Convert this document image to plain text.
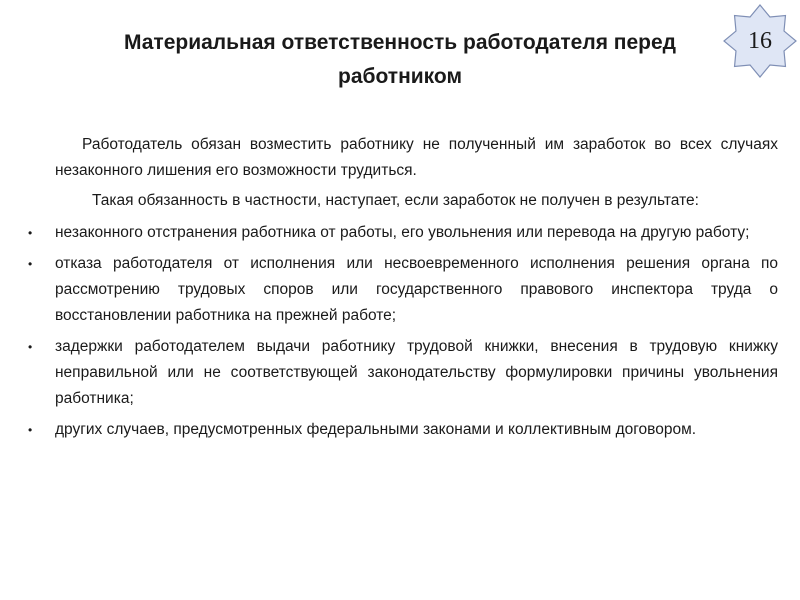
Материальная ответственность работодателя перед
работником
16

Работодатель обязан возместить работнику не полученный им заработок во всех случаях незаконного лишения его возможности трудиться.

Такая обязанность в частности, наступает, если заработок не получен в результате:

• незаконного отстранения работника от работы, его увольнения или перевода на другую работу;
• отказа работодателя от исполнения или несвоевременного исполнения решения органа по рассмотрению трудовых споров или государственного правового инспектора труда о восстановлении работника на прежней работе;
• задержки работодателем выдачи работнику трудовой книжки, внесения в трудовую книжку неправильной или не соответствующей законодательству формулировки причины увольнения работника;
• других случаев, предусмотренных федеральными законами и коллективным договором.
